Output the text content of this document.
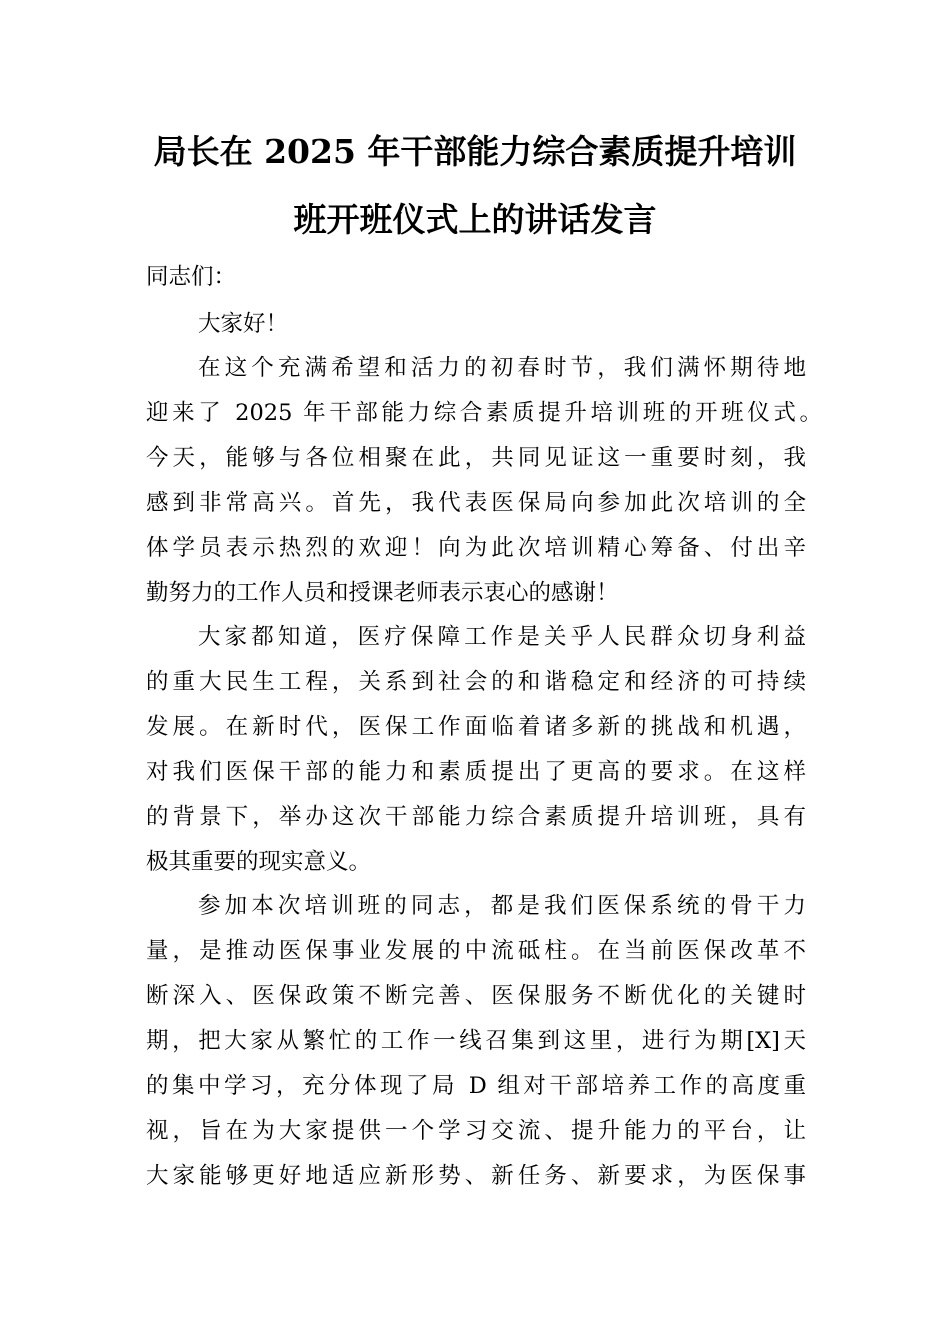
局长在 2025 年干部能力综合素质提升培训
班开班仪式上的讲话发言
同志们：
大家好！
在这个充满希望和活力的初春时节，我们满怀期待地
迎来了 2025 年干部能力综合素质提升培训班的开班仪式。
今天，能够与各位相聚在此，共同见证这一重要时刻，我
感到非常高兴。首先，我代表医保局向参加此次培训的全
体学员表示热烈的欢迎！向为此次培训精心筹备、付出辛
勤努力的工作人员和授课老师表示衷心的感谢！
大家都知道，医疗保障工作是关乎人民群众切身利益
的重大民生工程，关系到社会的和谐稳定和经济的可持续
发展。在新时代，医保工作面临着诸多新的挑战和机遇，
对我们医保干部的能力和素质提出了更高的要求。在这样
的背景下，举办这次干部能力综合素质提升培训班，具有
极其重要的现实意义。
参加本次培训班的同志，都是我们医保系统的骨干力
量，是推动医保事业发展的中流砥柱。在当前医保改革不
断深入、医保政策不断完善、医保服务不断优化的关键时
期，把大家从繁忙的工作一线召集到这里，进行为期[X]天
的集中学习，充分体现了局 D 组对干部培养工作的高度重
视，旨在为大家提供一个学习交流、提升能力的平台，让
大家能够更好地适应新形势、新任务、新要求，为医保事
